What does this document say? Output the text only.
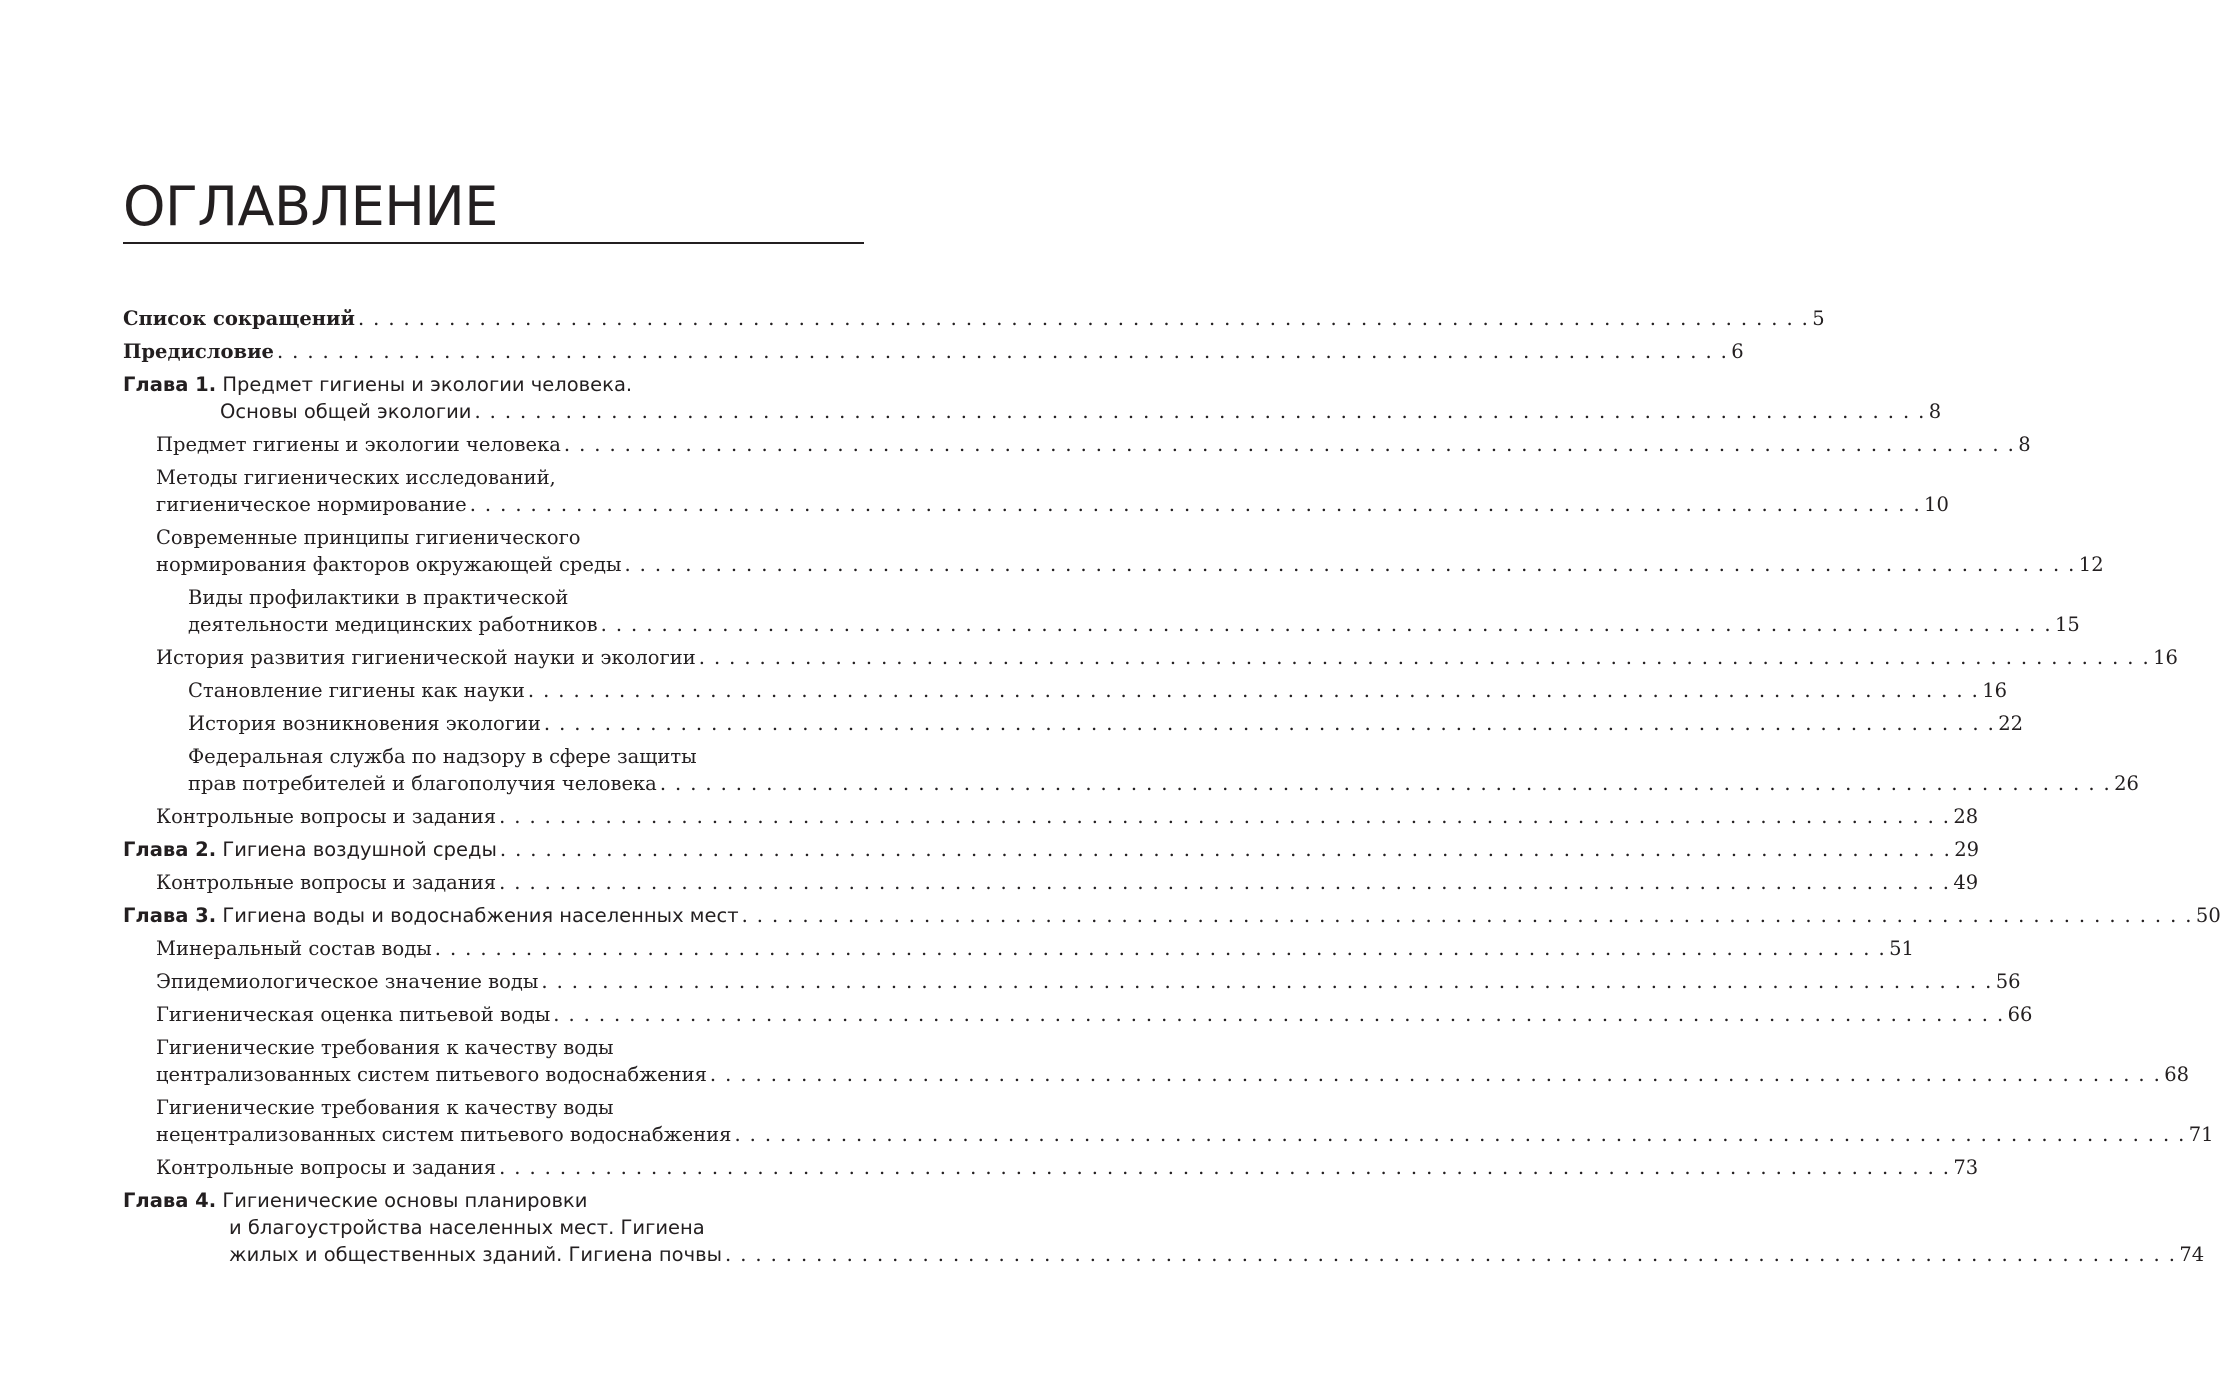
ОГЛАВЛЕНИЕ
Список сокращений . . . . . . . . . . . . . . . . . . . . . . . . . . . . . . . . . . . . . . . . . . . . . . . . . . . . . . . . . . . . . . . . . . . . . . . . . . . . . . . . . . . . . . . . . . . . . . . . 5
Предисловие . . . . . . . . . . . . . . . . . . . . . . . . . . . . . . . . . . . . . . . . . . . . . . . . . . . . . . . . . . . . . . . . . . . . . . . . . . . . . . . . . . . . . . . . . . . . . . . . 6
Глава 1.
Предмет гигиены и экологии человека.
Основы общей экологии . . . . . . . . . . . . . . . . . . . . . . . . . . . . . . . . . . . . . . . . . . . . . . . . . . . . . . . . . . . . . . . . . . . . . . . . . . . . . . . . . . . . . . . . . . . . . . . . 8
Предмет гигиены и экологии человека . . . . . . . . . . . . . . . . . . . . . . . . . . . . . . . . . . . . . . . . . . . . . . . . . . . . . . . . . . . . . . . . . . . . . . . . . . . . . . . . . . . . . . . . . . . . . . . . 8
Методы гигиенических исследований,
гигиеническое нормирование . . . . . . . . . . . . . . . . . . . . . . . . . . . . . . . . . . . . . . . . . . . . . . . . . . . . . . . . . . . . . . . . . . . . . . . . . . . . . . . . . . . . . . . . . . . . . . . . 10
Современные принципы гигиенического
нормирования факторов окружающей среды . . . . . . . . . . . . . . . . . . . . . . . . . . . . . . . . . . . . . . . . . . . . . . . . . . . . . . . . . . . . . . . . . . . . . . . . . . . . . . . . . . . . . . . . . . . . . . . . 12
Виды профилактики в практической
деятельности медицинских работников . . . . . . . . . . . . . . . . . . . . . . . . . . . . . . . . . . . . . . . . . . . . . . . . . . . . . . . . . . . . . . . . . . . . . . . . . . . . . . . . . . . . . . . . . . . . . . . . 15
История развития гигиенической науки и экологии . . . . . . . . . . . . . . . . . . . . . . . . . . . . . . . . . . . . . . . . . . . . . . . . . . . . . . . . . . . . . . . . . . . . . . . . . . . . . . . . . . . . . . . . . . . . . . . . 16
Становление гигиены как науки . . . . . . . . . . . . . . . . . . . . . . . . . . . . . . . . . . . . . . . . . . . . . . . . . . . . . . . . . . . . . . . . . . . . . . . . . . . . . . . . . . . . . . . . . . . . . . . . 16
История возникновения экологии . . . . . . . . . . . . . . . . . . . . . . . . . . . . . . . . . . . . . . . . . . . . . . . . . . . . . . . . . . . . . . . . . . . . . . . . . . . . . . . . . . . . . . . . . . . . . . . . 22
Федеральная служба по надзору в сфере защиты
прав потребителей и благополучия человека . . . . . . . . . . . . . . . . . . . . . . . . . . . . . . . . . . . . . . . . . . . . . . . . . . . . . . . . . . . . . . . . . . . . . . . . . . . . . . . . . . . . . . . . . . . . . . . . 26
Контрольные вопросы и задания . . . . . . . . . . . . . . . . . . . . . . . . . . . . . . . . . . . . . . . . . . . . . . . . . . . . . . . . . . . . . . . . . . . . . . . . . . . . . . . . . . . . . . . . . . . . . . . . 28
Глава 2.
Гигиена воздушной среды . . . . . . . . . . . . . . . . . . . . . . . . . . . . . . . . . . . . . . . . . . . . . . . . . . . . . . . . . . . . . . . . . . . . . . . . . . . . . . . . . . . . . . . . . . . . . . . . 29
Контрольные вопросы и задания . . . . . . . . . . . . . . . . . . . . . . . . . . . . . . . . . . . . . . . . . . . . . . . . . . . . . . . . . . . . . . . . . . . . . . . . . . . . . . . . . . . . . . . . . . . . . . . . 49
Глава 3.
Гигиена воды и водоснабжения населенных мест . . . . . . . . . . . . . . . . . . . . . . . . . . . . . . . . . . . . . . . . . . . . . . . . . . . . . . . . . . . . . . . . . . . . . . . . . . . . . . . . . . . . . . . . . . . . . . . . 50
Минеральный состав воды . . . . . . . . . . . . . . . . . . . . . . . . . . . . . . . . . . . . . . . . . . . . . . . . . . . . . . . . . . . . . . . . . . . . . . . . . . . . . . . . . . . . . . . . . . . . . . . . 51
Эпидемиологическое значение воды . . . . . . . . . . . . . . . . . . . . . . . . . . . . . . . . . . . . . . . . . . . . . . . . . . . . . . . . . . . . . . . . . . . . . . . . . . . . . . . . . . . . . . . . . . . . . . . . 56
Гигиеническая оценка питьевой воды . . . . . . . . . . . . . . . . . . . . . . . . . . . . . . . . . . . . . . . . . . . . . . . . . . . . . . . . . . . . . . . . . . . . . . . . . . . . . . . . . . . . . . . . . . . . . . . . 66
Гигиенические требования к качеству воды
централизованных систем питьевого водоснабжения . . . . . . . . . . . . . . . . . . . . . . . . . . . . . . . . . . . . . . . . . . . . . . . . . . . . . . . . . . . . . . . . . . . . . . . . . . . . . . . . . . . . . . . . . . . . . . . . 68
Гигиенические требования к качеству воды
нецентрализованных систем питьевого водоснабжения . . . . . . . . . . . . . . . . . . . . . . . . . . . . . . . . . . . . . . . . . . . . . . . . . . . . . . . . . . . . . . . . . . . . . . . . . . . . . . . . . . . . . . . . . . . . . . . . 71
Контрольные вопросы и задания . . . . . . . . . . . . . . . . . . . . . . . . . . . . . . . . . . . . . . . . . . . . . . . . . . . . . . . . . . . . . . . . . . . . . . . . . . . . . . . . . . . . . . . . . . . . . . . . 73
Глава 4.
Гигиенические основы планировки
и благоустройства населенных мест. Гигиена
жилых и общественных зданий. Гигиена почвы . . . . . . . . . . . . . . . . . . . . . . . . . . . . . . . . . . . . . . . . . . . . . . . . . . . . . . . . . . . . . . . . . . . . . . . . . . . . . . . . . . . . . . . . . . . . . . . . 74
